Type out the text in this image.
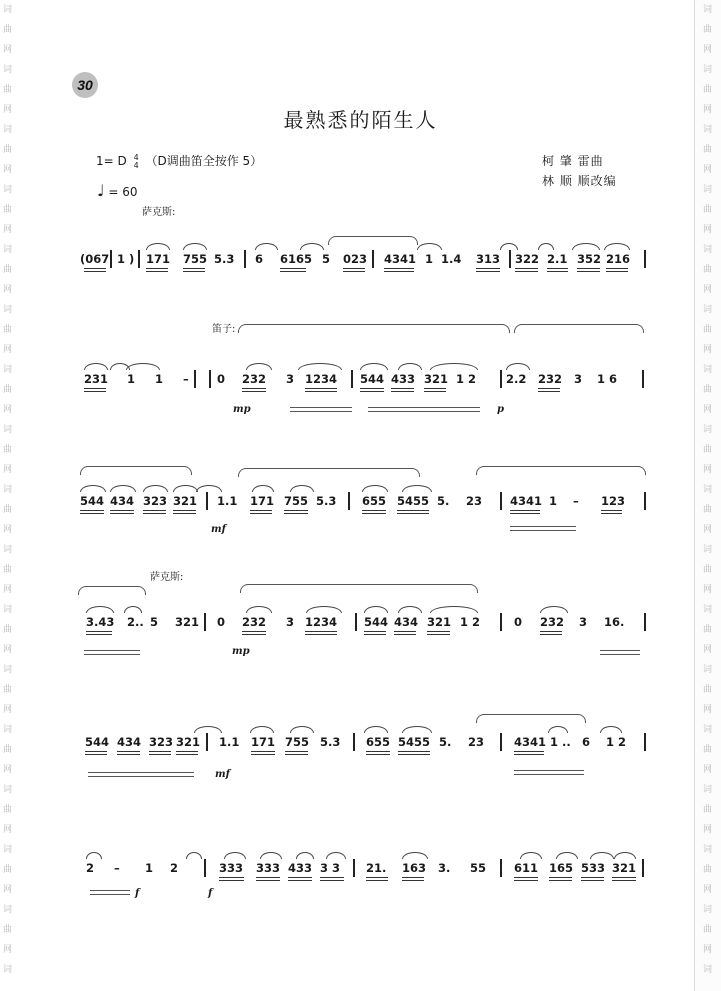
词
曲
网
词
曲
网
词
曲
网
词
曲
网
词
曲
网
词
曲
网
词
曲
网
词
曲
网
词
曲
网
词
曲
网
词
曲
网
词
曲
网
词
曲
网
词
曲
网
词
曲
网
词
曲
网
词
词
曲
网
词
曲
网
词
曲
网
词
曲
网
词
曲
网
词
曲
网
词
曲
网
词
曲
网
词
曲
网
词
曲
网
词
曲
网
词
曲
网
词
曲
网
词
曲
网
词
曲
网
词
曲
网
词
30
最熟悉的陌生人
1= D 4
4 （D调曲笛全按作 5）
♩ = 60
柯 肇 雷曲
林 顺 顺改编
萨克斯:
笛子:
萨克斯:
(067 1 ) 171 755 5.3 6 6165 5 023 4341 1 1.4 313 322 2.1 352 216
231 1 1 – 0 232 3 1234 544 433 321 1 2	2.2 232 3 1 6
544 434 323 321 1.1 171 755 5.3 655 5455 5. 23 4341 1 – 123
3.43 2.. 5 321 0 232 3 1234 544 434 321 1 2	0 232 3 16.
544 434 323 321 1.1 171 755 5.3 655 5455 5. 23	4341 1 .. 6 1 2
2 – 1 2	333 333 433 3 3 21. 163 3. 55 611 165 533 321
mp	p
mf
mp
mf
f	f
